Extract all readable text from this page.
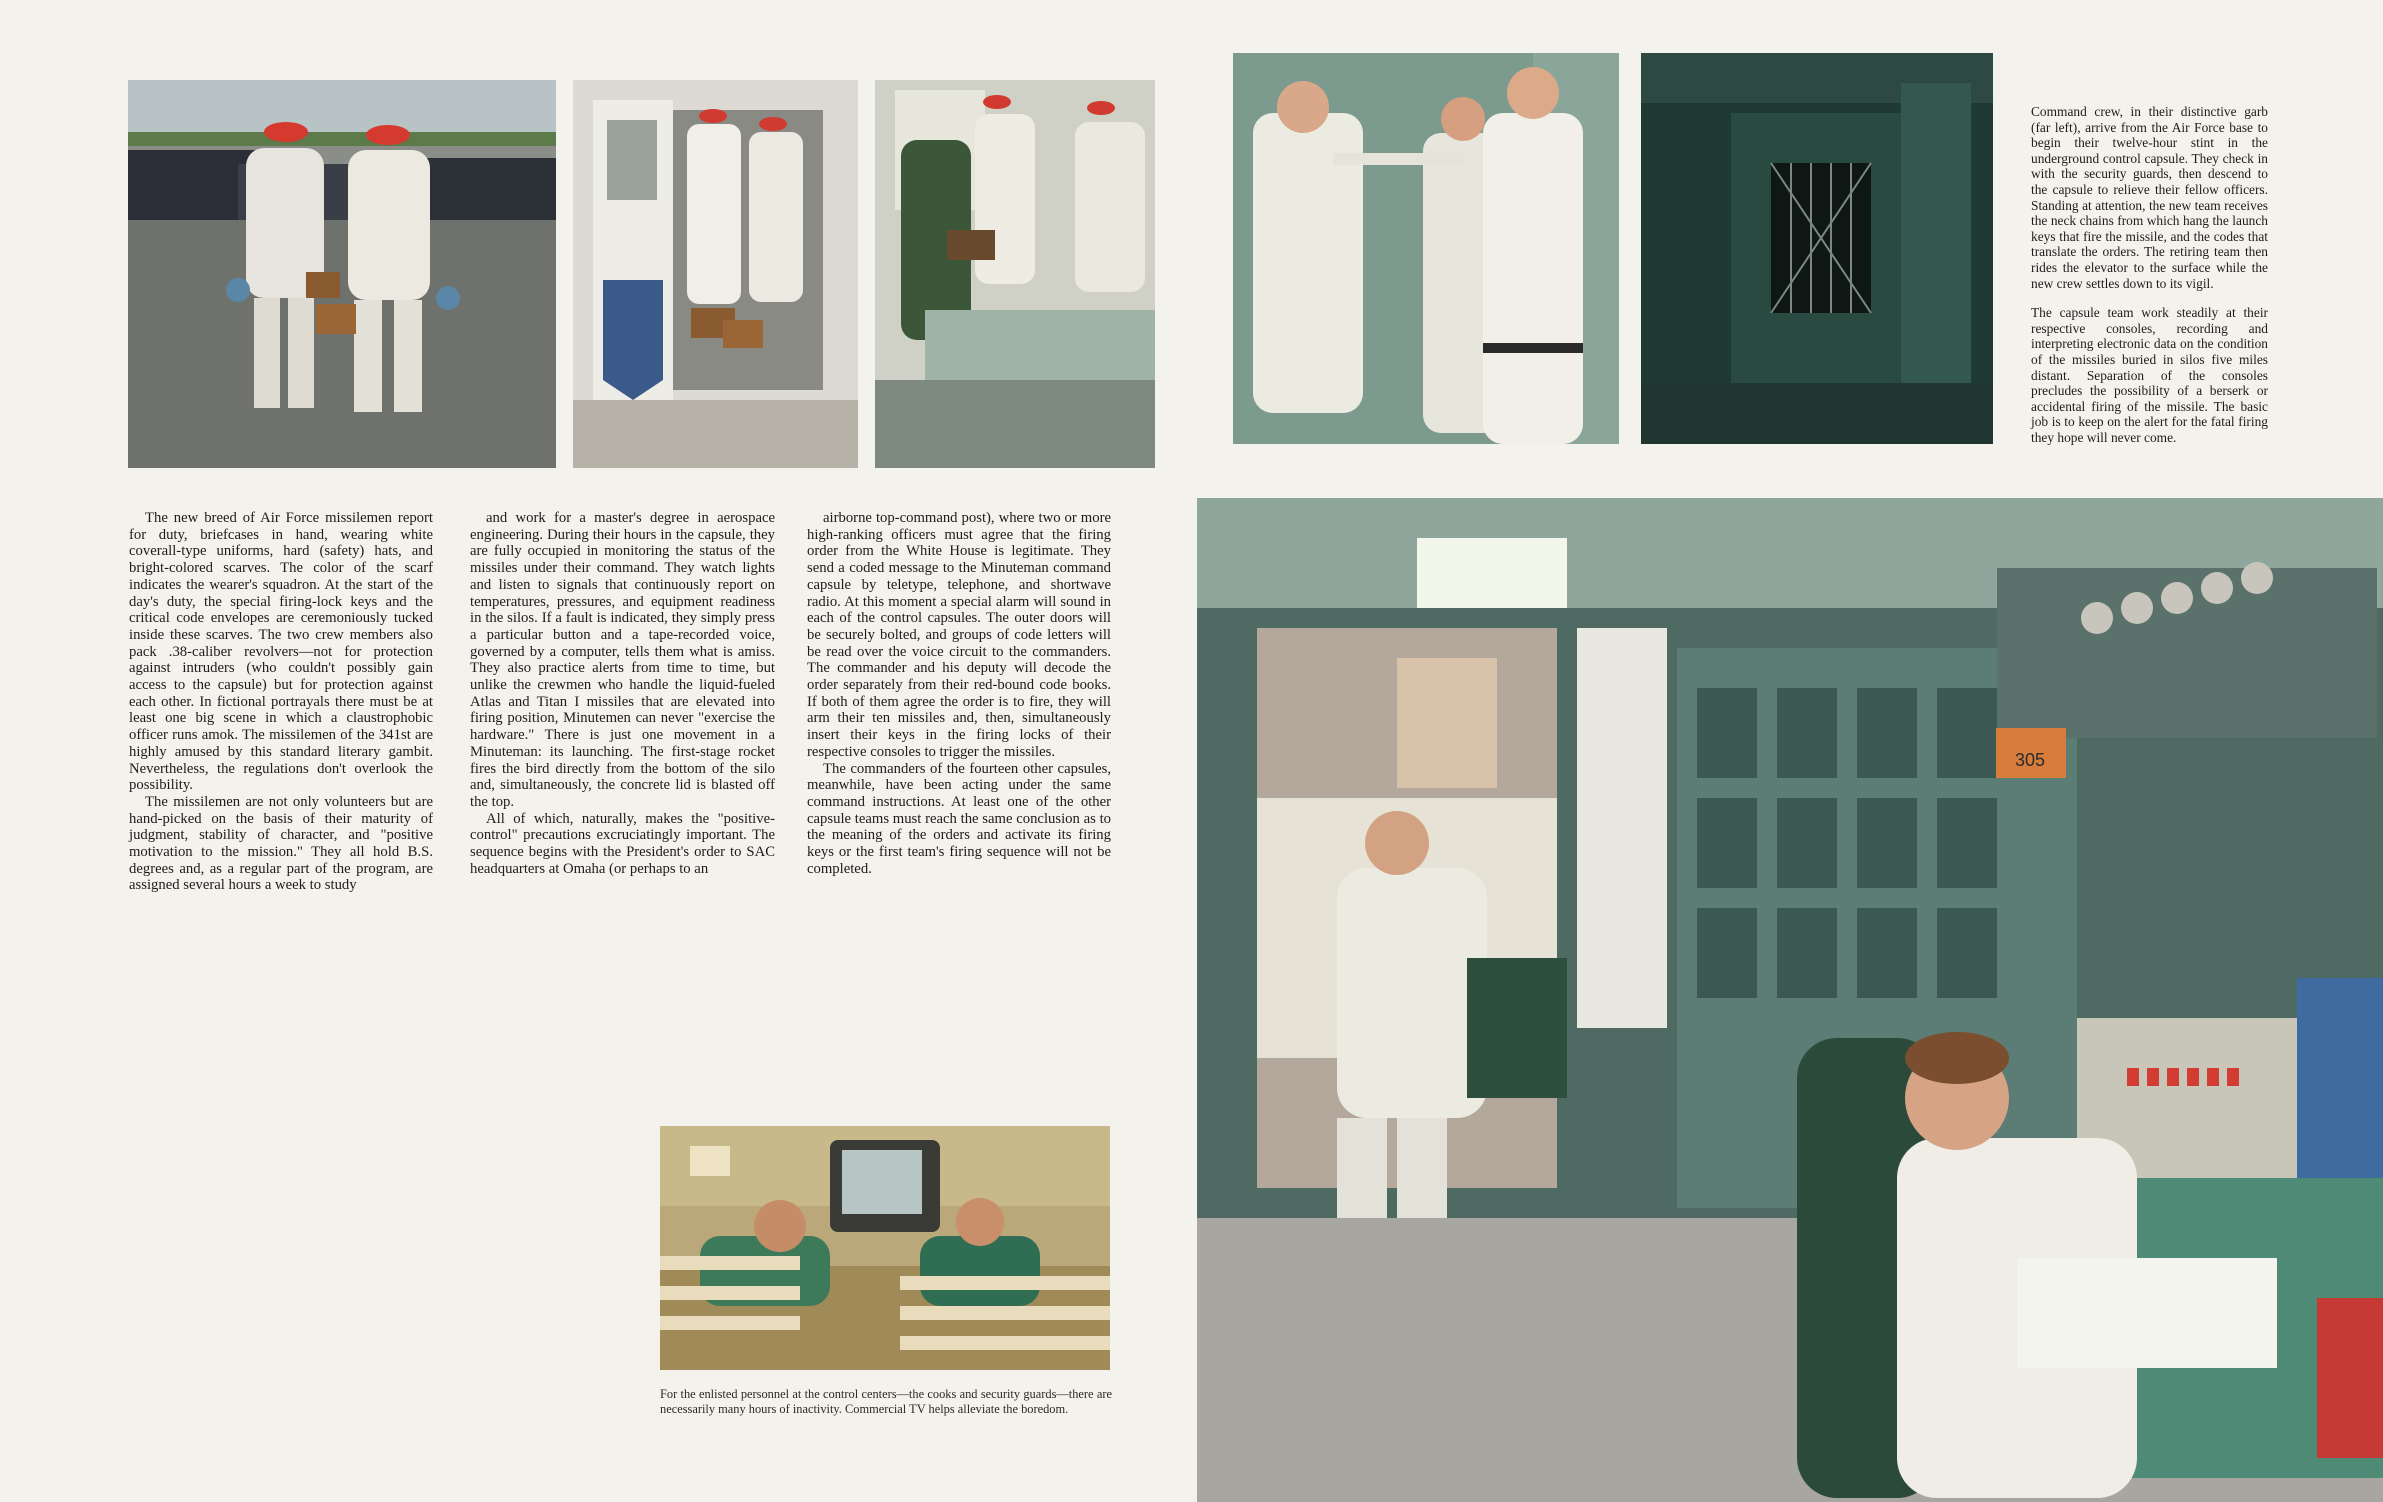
305

The new breed of Air Force missilemen report for duty, briefcases in hand, wearing white coverall-type uniforms, hard (safety) hats, and bright-colored scarves. The color of the scarf indicates the wearer's squadron. At the start of the day's duty, the special firing-lock keys and the critical code envelopes are ceremoniously tucked inside these scarves. The two crew members also pack .38-caliber revolvers—not for protection against intruders (who couldn't possibly gain access to the capsule) but for protection against each other. In fictional portrayals there must be at least one big scene in which a claustrophobic officer runs amok. The missilemen of the 341st are highly amused by this standard literary gambit. Nevertheless, the regulations don't overlook the possibility.

The missilemen are not only volunteers but are hand-picked on the basis of their maturity of judgment, stability of character, and "positive motivation to the mission." They all hold B.S. degrees and, as a regular part of the program, are assigned several hours a week to study

and work for a master's degree in aerospace engineering. During their hours in the capsule, they are fully occupied in monitoring the status of the missiles under their command. They watch lights and listen to signals that continuously report on temperatures, pressures, and equipment readiness in the silos. If a fault is indicated, they simply press a particular button and a tape-recorded voice, governed by a computer, tells them what is amiss. They also practice alerts from time to time, but unlike the crewmen who handle the liquid-fueled Atlas and Titan I missiles that are elevated into firing position, Minutemen can never "exercise the hardware." There is just one movement in a Minuteman: its launching. The first-stage rocket fires the bird directly from the bottom of the silo and, simultaneously, the concrete lid is blasted off the top.

All of which, naturally, makes the "positive-control" precautions excruciatingly important. The sequence begins with the President's order to SAC headquarters at Omaha (or perhaps to an

airborne top-command post), where two or more high-ranking officers must agree that the firing order from the White House is legitimate. They send a coded message to the Minuteman command capsule by teletype, telephone, and shortwave radio. At this moment a special alarm will sound in each of the control capsules. The outer doors will be securely bolted, and groups of code letters will be read over the voice circuit to the commanders. The commander and his deputy will decode the order separately from their red-bound code books. If both of them agree the order is to fire, they will arm their ten missiles and, then, simultaneously insert their keys in the firing locks of their respective consoles to trigger the missiles.

The commanders of the fourteen other capsules, meanwhile, have been acting under the same command instructions. At least one of the other capsule teams must reach the same conclusion as to the meaning of the orders and activate its firing keys or the first team's firing sequence will not be completed.

Command crew, in their distinctive garb (far left), arrive from the Air Force base to begin their twelve-hour stint in the underground control capsule. They check in with the security guards, then descend to the capsule to relieve their fellow officers. Standing at attention, the new team receives the neck chains from which hang the launch keys that fire the missile, and the codes that translate the orders. The retiring team then rides the elevator to the surface while the new crew settles down to its vigil.

The capsule team work steadily at their respective consoles, recording and interpreting electronic data on the condition of the missiles buried in silos five miles distant. Separation of the consoles precludes the possibility of a berserk or accidental firing of the missile. The basic job is to keep on the alert for the fatal firing they hope will never come.

For the enlisted personnel at the control centers—the cooks and security guards—there are necessarily many hours of inactivity. Commercial TV helps alleviate the boredom.
